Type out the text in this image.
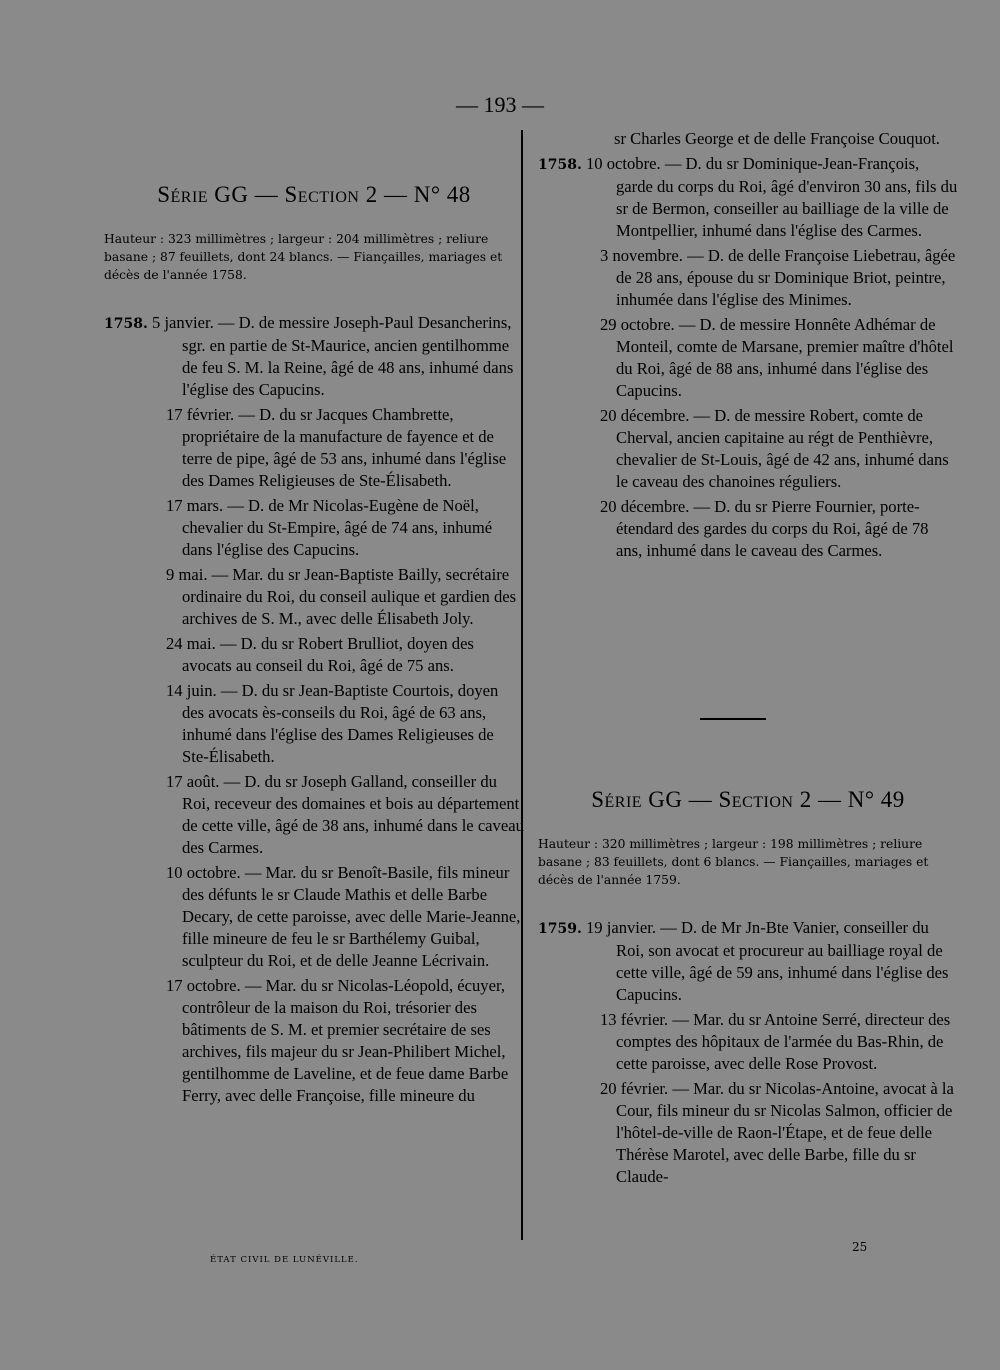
— 193 —
Série GG — Section 2 — N° 48
Hauteur : 323 millimètres ; largeur : 204 millimètres ; reliure basane ; 87 feuillets, dont 24 blancs. — Fiançailles, mariages et décès de l'année 1758.
1758. 5 janvier. — D. de messire Joseph-Paul Desancherins, sgr. en partie de St-Maurice, ancien gentilhomme de feu S. M. la Reine, âgé de 48 ans, inhumé dans l'église des Capucins.
17 février. — D. du sr Jacques Chambrette, propriétaire de la manufacture de fayence et de terre de pipe, âgé de 53 ans, inhumé dans l'église des Dames Religieuses de Ste-Élisabeth.
17 mars. — D. de Mr Nicolas-Eugène de Noël, chevalier du St-Empire, âgé de 74 ans, inhumé dans l'église des Capucins.
9 mai. — Mar. du sr Jean-Baptiste Bailly, secrétaire ordinaire du Roi, du conseil aulique et gardien des archives de S. M., avec delle Élisabeth Joly.
24 mai. — D. du sr Robert Brulliot, doyen des avocats au conseil du Roi, âgé de 75 ans.
14 juin. — D. du sr Jean-Baptiste Courtois, doyen des avocats ès-conseils du Roi, âgé de 63 ans, inhumé dans l'église des Dames Religieuses de Ste-Élisabeth.
17 août. — D. du sr Joseph Galland, conseiller du Roi, receveur des domaines et bois au département de cette ville, âgé de 38 ans, inhumé dans le caveau des Carmes.
10 octobre. — Mar. du sr Benoît-Basile, fils mineur des défunts le sr Claude Mathis et delle Barbe Decary, de cette paroisse, avec delle Marie-Jeanne, fille mineure de feu le sr Barthélemy Guibal, sculpteur du Roi, et de delle Jeanne Lécrivain.
17 octobre. — Mar. du sr Nicolas-Léopold, écuyer, contrôleur de la maison du Roi, trésorier des bâtiments de S. M. et premier secrétaire de ses archives, fils majeur du sr Jean-Philibert Michel, gentilhomme de Laveline, et de feue dame Barbe Ferry, avec delle Françoise, fille mineure du
sr Charles George et de delle Françoise Couquot.
1758. 10 octobre. — D. du sr Dominique-Jean-François, garde du corps du Roi, âgé d'environ 30 ans, fils du sr de Bermon, conseiller au bailliage de la ville de Montpellier, inhumé dans l'église des Carmes.
3 novembre. — D. de delle Françoise Liebetrau, âgée de 28 ans, épouse du sr Dominique Briot, peintre, inhumée dans l'église des Minimes.
29 octobre. — D. de messire Honnête Adhémar de Monteil, comte de Marsane, premier maître d'hôtel du Roi, âgé de 88 ans, inhumé dans l'église des Capucins.
20 décembre. — D. de messire Robert, comte de Cherval, ancien capitaine au régt de Penthièvre, chevalier de St-Louis, âgé de 42 ans, inhumé dans le caveau des chanoines réguliers.
20 décembre. — D. du sr Pierre Fournier, porte-étendard des gardes du corps du Roi, âgé de 78 ans, inhumé dans le caveau des Carmes.
Série GG — Section 2 — N° 49
Hauteur : 320 millimètres ; largeur : 198 millimètres ; reliure basane ; 83 feuillets, dont 6 blancs. — Fiançailles, mariages et décès de l'année 1759.
1759. 19 janvier. — D. de Mr Jn-Bte Vanier, conseiller du Roi, son avocat et procureur au bailliage royal de cette ville, âgé de 59 ans, inhumé dans l'église des Capucins.
13 février. — Mar. du sr Antoine Serré, directeur des comptes des hôpitaux de l'armée du Bas-Rhin, de cette paroisse, avec delle Rose Provost.
20 février. — Mar. du sr Nicolas-Antoine, avocat à la Cour, fils mineur du sr Nicolas Salmon, officier de l'hôtel-de-ville de Raon-l'Étape, et de feue delle Thérèse Marotel, avec delle Barbe, fille du sr Claude-
ÉTAT CIVIL DE LUNÉVILLE.
25
